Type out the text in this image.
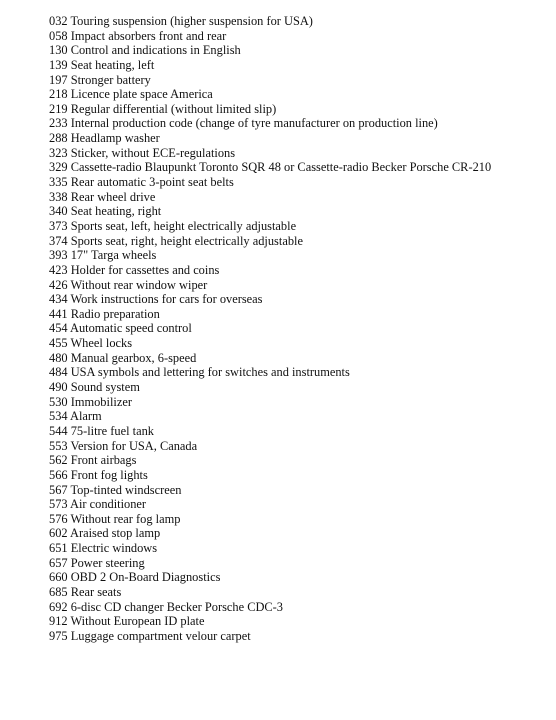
032 Touring suspension (higher suspension for USA)
058 Impact absorbers front and rear
130 Control and indications in English
139 Seat heating, left
197 Stronger battery
218 Licence plate space America
219 Regular differential (without limited slip)
233 Internal production code (change of tyre manufacturer on production line)
288 Headlamp washer
323 Sticker, without ECE-regulations
329 Cassette-radio Blaupunkt Toronto SQR 48 or Cassette-radio Becker Porsche CR-210
335 Rear automatic 3-point seat belts
338 Rear wheel drive
340 Seat heating, right
373 Sports seat, left, height electrically adjustable
374 Sports seat, right, height electrically adjustable
393 17" Targa wheels
423 Holder for cassettes and coins
426 Without rear window wiper
434 Work instructions for cars for overseas
441 Radio preparation
454 Automatic speed control
455 Wheel locks
480 Manual gearbox, 6-speed
484 USA symbols and lettering for switches and instruments
490 Sound system
530 Immobilizer
534 Alarm
544 75-litre fuel tank
553 Version for USA, Canada
562 Front airbags
566 Front fog lights
567 Top-tinted windscreen
573 Air conditioner
576 Without rear fog lamp
602 Araised stop lamp
651 Electric windows
657 Power steering
660 OBD 2 On-Board Diagnostics
685 Rear seats
692 6-disc CD changer Becker Porsche CDC-3
912 Without European ID plate
975 Luggage compartment velour carpet
